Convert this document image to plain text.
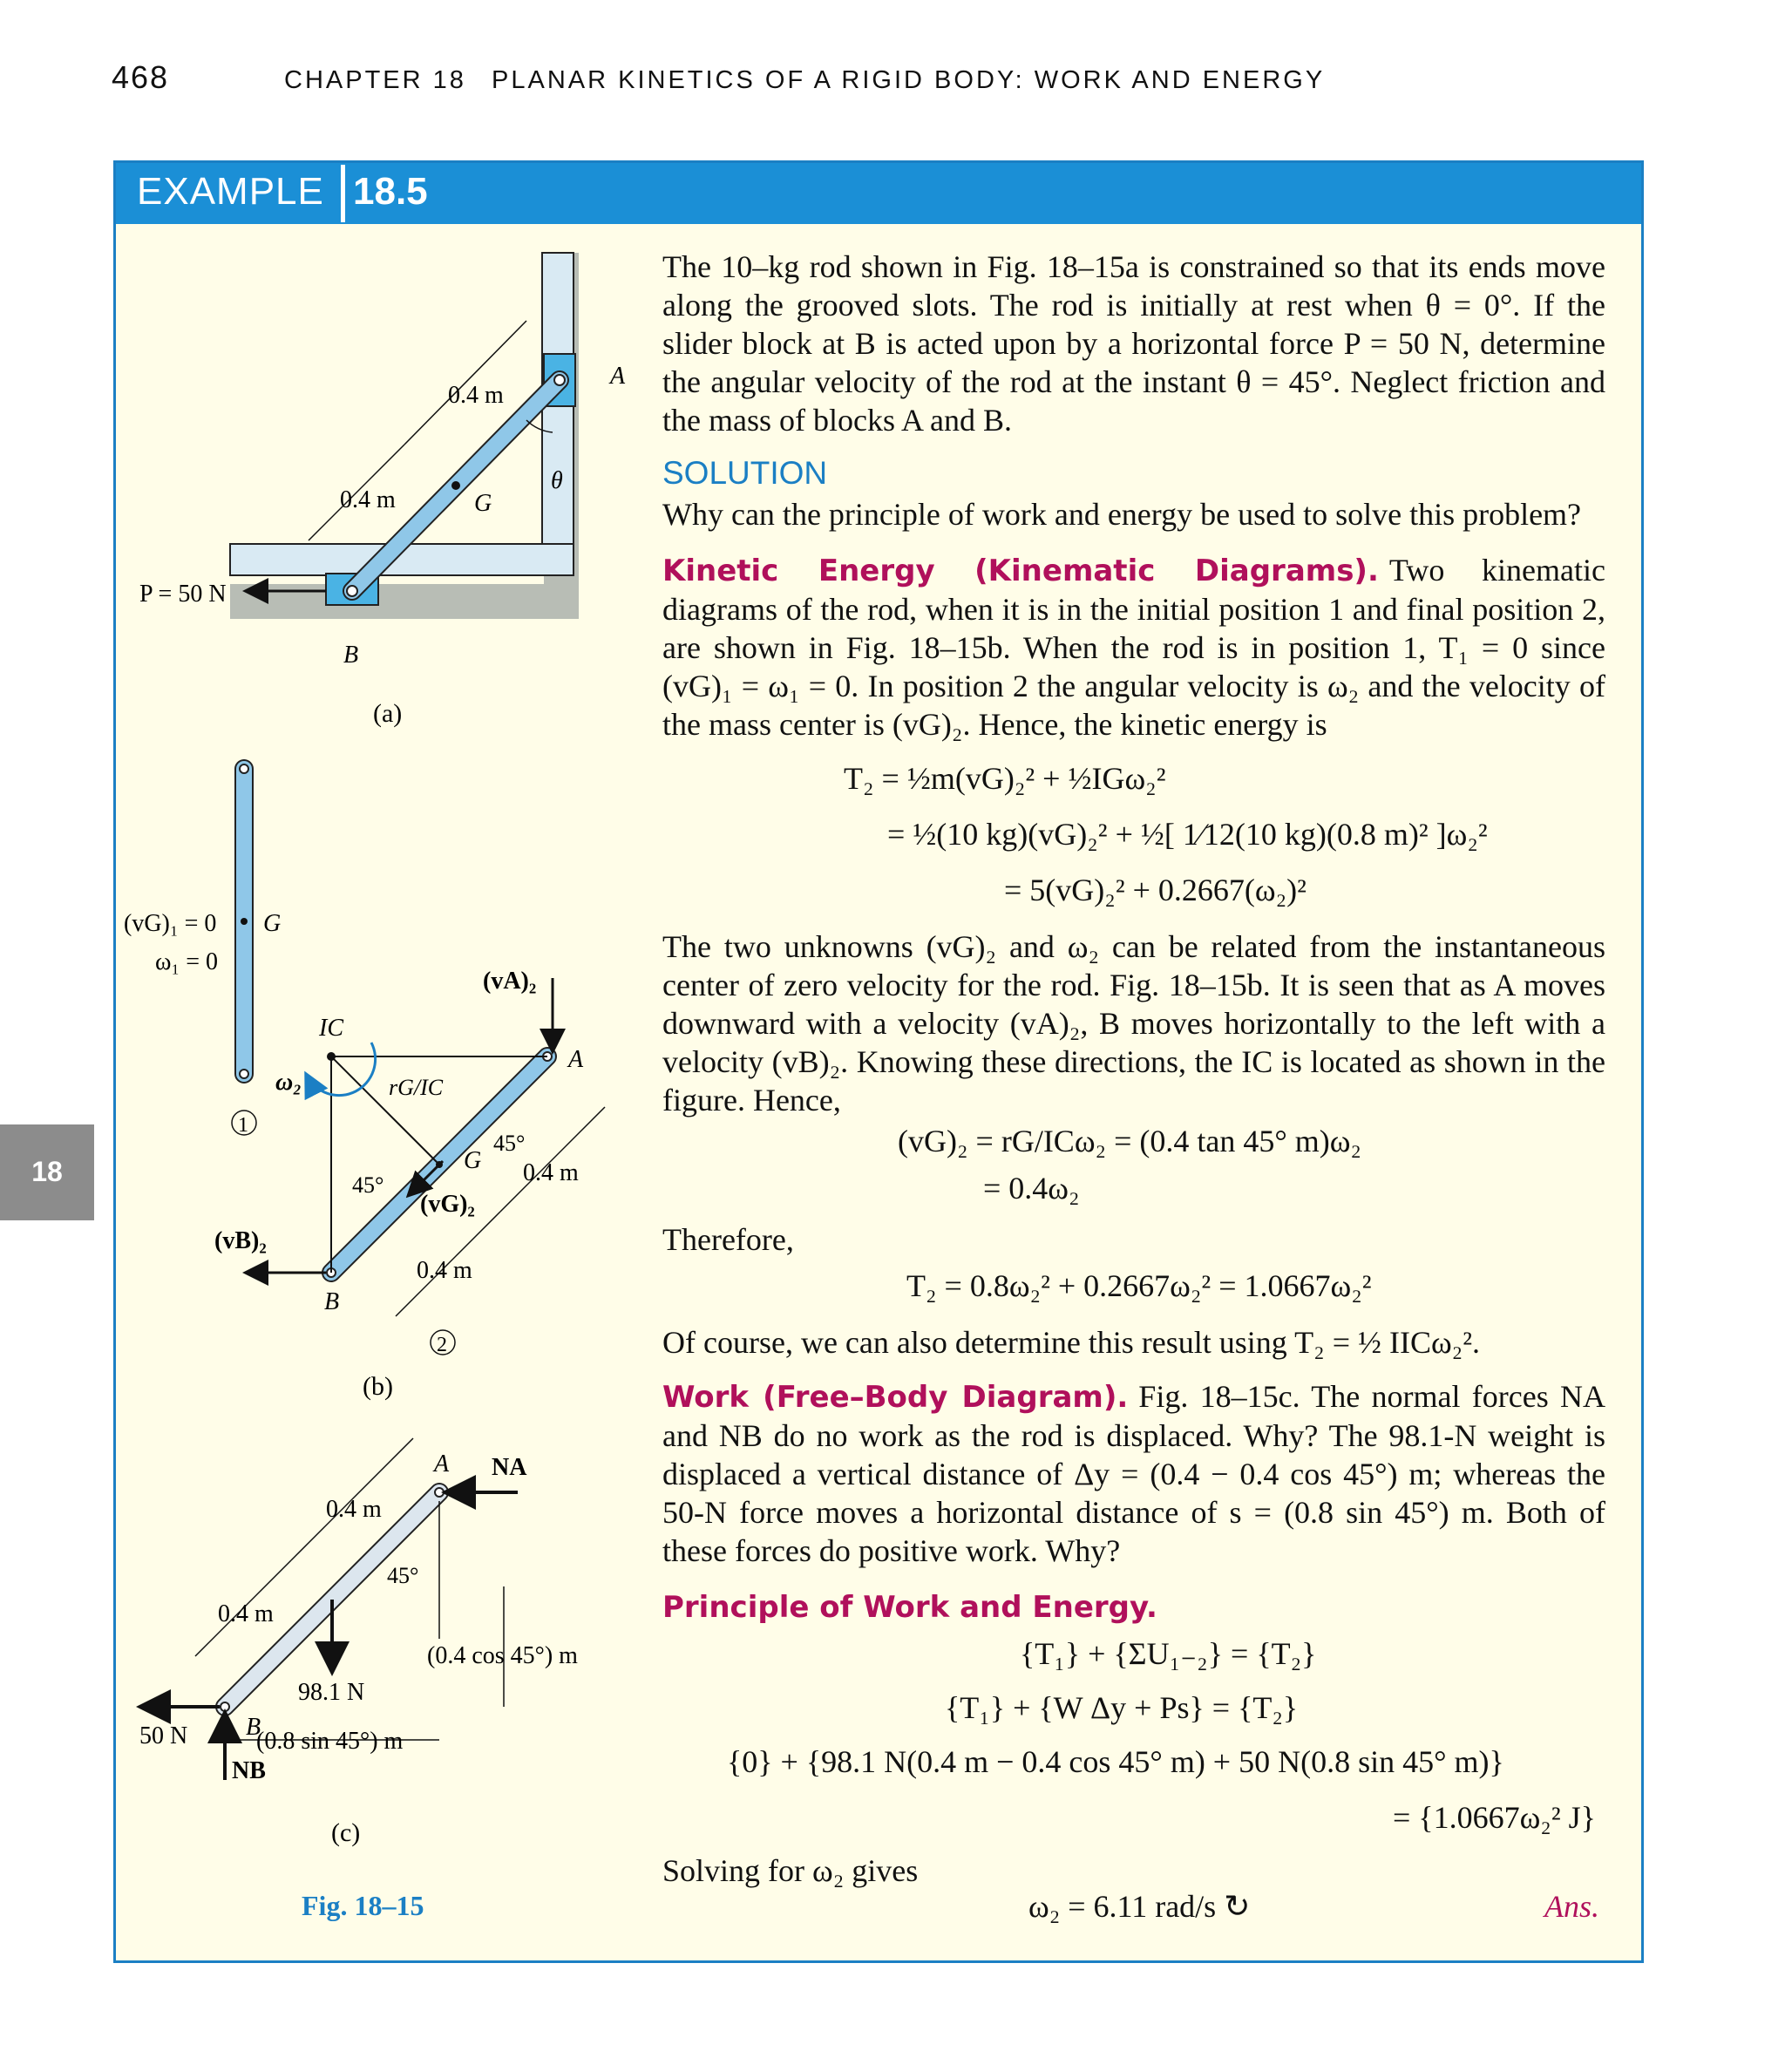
468	CHAPTER 18 PLANAR KINETICS OF A RIGID BODY: WORK AND ENERGY
18
EXAMPLE 18.5
The 10–kg rod shown in Fig. 18–15a is constrained so that its ends move along the grooved slots. The rod is initially at rest when θ = 0°. If the slider block at B is acted upon by a horizontal force P = 50 N, determine the angular velocity of the rod at the instant θ = 45°. Neglect friction and the mass of blocks A and B.
SOLUTION
Why can the principle of work and energy be used to solve this problem?
Kinetic Energy (Kinematic Diagrams). Two kinematic diagrams of the rod, when it is in the initial position 1 and final position 2, are shown in Fig. 18–15b. When the rod is in position 1, T₁ = 0 since (vG)₁ = ω₁ = 0. In position 2 the angular velocity is ω₂ and the velocity of the mass center is (vG)₂. Hence, the kinetic energy is
T₂ = ½m(vG)₂² + ½IGω₂²
= ½(10 kg)(vG)₂² + ½[ 1⁄12(10 kg)(0.8 m)² ]ω₂²
= 5(vG)₂² + 0.2667(ω₂)²
The two unknowns (vG)₂ and ω₂ can be related from the instantaneous center of zero velocity for the rod. Fig. 18–15b. It is seen that as A moves downward with a velocity (vA)₂, B moves horizontally to the left with a velocity (vB)₂. Knowing these directions, the IC is located as shown in the figure. Hence,
(vG)₂ = rG/ICω₂ = (0.4 tan 45° m)ω₂
= 0.4ω₂
Therefore,
T₂ = 0.8ω₂² + 0.2667ω₂² = 1.0667ω₂²
Of course, we can also determine this result using T₂ = ½ IICω₂².
Work (Free–Body Diagram). Fig. 18–15c. The normal forces NA and NB do no work as the rod is displaced. Why? The 98.1-N weight is displaced a vertical distance of Δy = (0.4 − 0.4 cos 45°) m; whereas the 50-N force moves a horizontal distance of s = (0.8 sin 45°) m. Both of these forces do positive work. Why?
Principle of Work and Energy.
{T₁} + {ΣU₁₋₂} = {T₂}
{T₁} + {W Δy + Ps} = {T₂}
{0} + {98.1 N(0.4 m − 0.4 cos 45° m) + 50 N(0.8 sin 45° m)}
= {1.0667ω₂² J}
Solving for ω₂ gives
ω₂ = 6.11 rad/s ↻	Ans.
0.4 m
0.4 m	G
A
B
θ
P = 50 N
(a)
(vG)₁ = 0
ω₁ = 0
G
1
IC
ω₂	rG/IC
(vA)₂
A
45°
45°
G 0.4 m
(vG)₂
(vB)₂
0.4 m
B
2
(b)
A NA
0.4 m
45°
0.4 m
(0.4 cos 45°) m
98.1 N
50 N B
(0.8 sin 45°) m
NB
(c)
Fig. 18–15
